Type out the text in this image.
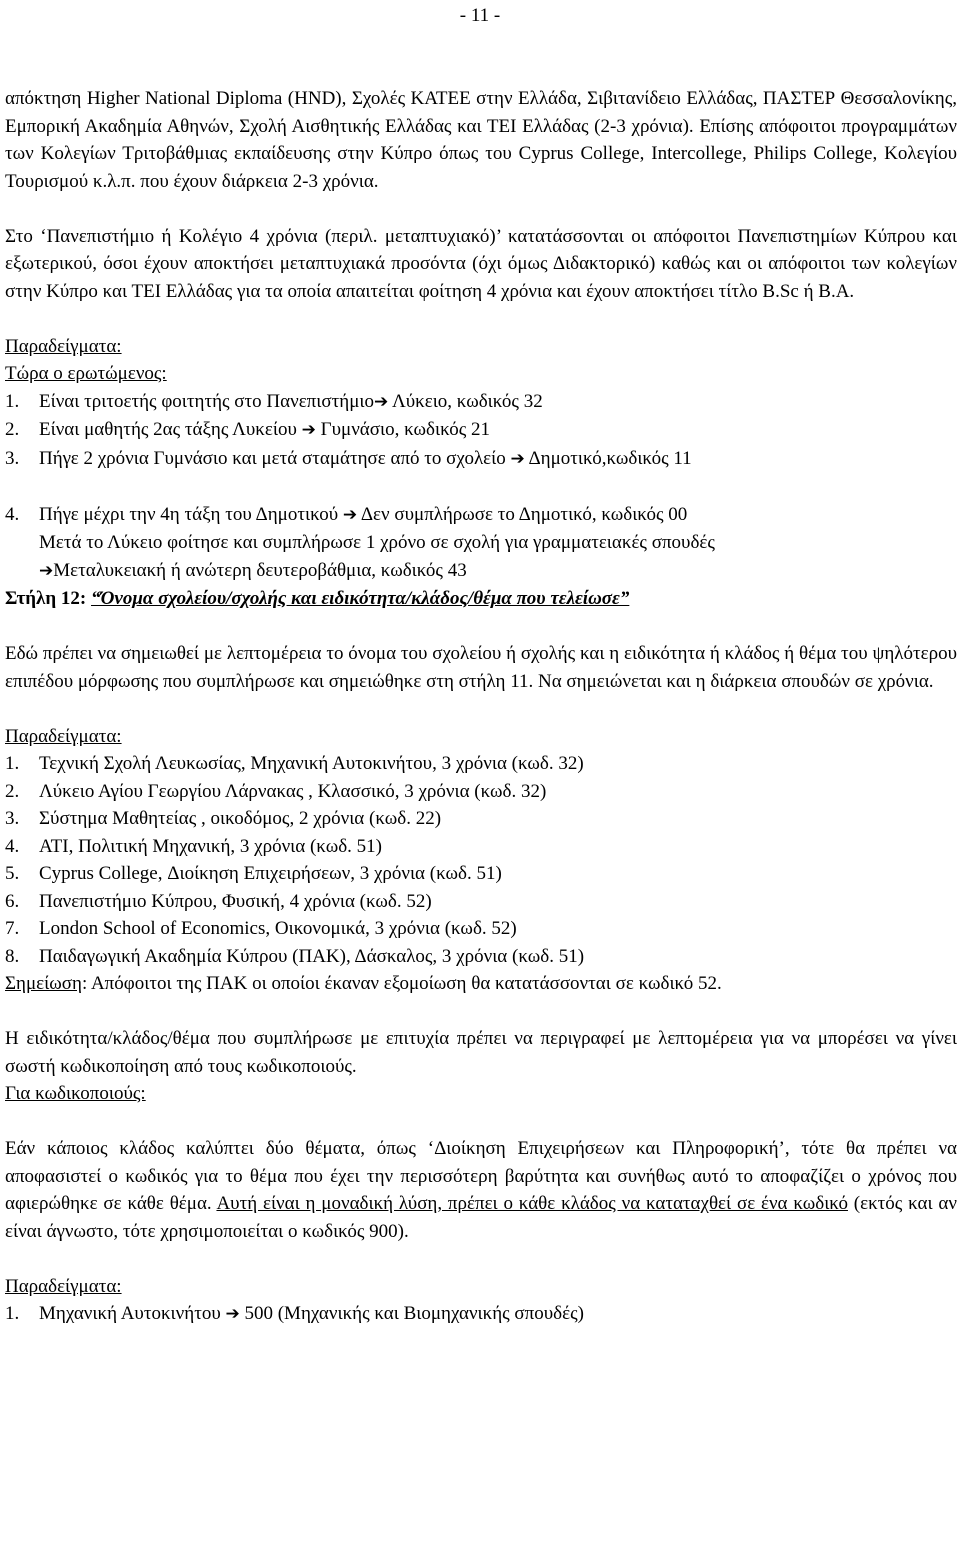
- 11 -

απόκτηση Higher National Diploma (HND), Σχολές ΚΑΤΕΕ στην Ελλάδα, Σιβιτανίδειο Ελλάδας, ΠΑΣΤΕΡ Θεσσαλονίκης, Εμπορική Ακαδημία Αθηνών, Σχολή Αισθητικής Ελλάδας και ΤΕΙ Ελλάδας (2-3 χρόνια). Επίσης απόφοιτοι προγραμμάτων των Κολεγίων Τριτοβάθμιας εκπαίδευσης στην Κύπρο όπως του Cyprus College, Intercollege, Philips College, Κολεγίου Τουρισμού κ.λ.π. που έχουν διάρκεια 2-3 χρόνια.

Στο ‘Πανεπιστήμιο ή Κολέγιο 4 χρόνια (περιλ. μεταπτυχιακό)’ κατατάσσονται οι απόφοιτοι Πανεπιστημίων Κύπρου και εξωτερικού, όσοι έχουν αποκτήσει μεταπτυχιακά προσόντα (όχι όμως Διδακτορικό) καθώς και οι απόφοιτοι των κολεγίων στην Κύπρο και ΤΕΙ Ελλάδας για τα οποία απαιτείται φοίτηση 4 χρόνια και έχουν αποκτήσει τίτλο B.Sc ή B.A.

Παραδείγματα:

Τώρα ο ερωτώμενος:

1. Είναι τριτοετής φοιτητής στο Πανεπιστήμιο➔ Λύκειο, κωδικός 32

2. Είναι μαθητής 2ας τάξης Λυκείου ➔ Γυμνάσιο, κωδικός 21

3. Πήγε 2 χρόνια Γυμνάσιο και μετά σταμάτησε από το σχολείο ➔ Δημοτικό,κωδικός 11

4. Πήγε μέχρι την 4η τάξη του Δημοτικού ➔ Δεν συμπλήρωσε το Δημοτικό, κωδικός 00

Μετά το Λύκειο φοίτησε και συμπλήρωσε 1 χρόνο σε σχολή για γραμματειακές σπουδές

➔Μεταλυκειακή ή ανώτερη δευτεροβάθμια, κωδικός 43

Στήλη 12: “Όνομα σχολείου/σχολής και ειδικότητα/κλάδος/θέμα που τελείωσε”

Εδώ πρέπει να σημειωθεί με λεπτομέρεια το όνομα του σχολείου ή σχολής και η ειδικότητα ή κλάδος ή θέμα του ψηλότερου επιπέδου μόρφωσης που συμπλήρωσε και σημειώθηκε στη στήλη 11. Να σημειώνεται και η διάρκεια σπουδών σε χρόνια.

Παραδείγματα:

1. Τεχνική Σχολή Λευκωσίας, Μηχανική Αυτοκινήτου, 3 χρόνια (κωδ. 32)

2. Λύκειο Αγίου Γεωργίου Λάρνακας , Κλασσικό, 3 χρόνια (κωδ. 32)

3. Σύστημα Μαθητείας , οικοδόμος, 2 χρόνια (κωδ. 22)

4. ΑΤΙ, Πολιτική Μηχανική, 3 χρόνια (κωδ. 51)

5. Cyprus College, Διοίκηση Επιχειρήσεων, 3 χρόνια (κωδ. 51)

6. Πανεπιστήμιο Κύπρου, Φυσική, 4 χρόνια (κωδ. 52)

7. London School of Economics, Οικονομικά, 3 χρόνια (κωδ. 52)

8. Παιδαγωγική Ακαδημία Κύπρου (ΠΑΚ), Δάσκαλος, 3 χρόνια (κωδ. 51)

Σημείωση: Απόφοιτοι της ΠΑΚ οι οποίοι έκαναν εξομοίωση θα κατατάσσονται σε κωδικό 52.

Η ειδικότητα/κλάδος/θέμα που συμπλήρωσε με επιτυχία πρέπει να περιγραφεί με λεπτομέρεια για να μπορέσει να γίνει σωστή κωδικοποίηση από τους κωδικοποιούς.

Για κωδικοποιούς:

Εάν κάποιος κλάδος καλύπτει δύο θέματα, όπως ‘Διοίκηση Επιχειρήσεων και Πληροφορική’, τότε θα πρέπει να αποφασιστεί ο κωδικός για το θέμα που έχει την περισσότερη βαρύτητα και συνήθως αυτό το αποφαζίζει ο χρόνος που αφιερώθηκε σε κάθε θέμα. Αυτή είναι η μοναδική λύση, πρέπει ο κάθε κλάδος να καταταχθεί σε ένα κωδικό (εκτός και αν είναι άγνωστο, τότε χρησιμοποιείται ο κωδικός 900).

Παραδείγματα:

1. Μηχανική Αυτοκινήτου ➔ 500 (Μηχανικής και Βιομηχανικής σπουδές)
